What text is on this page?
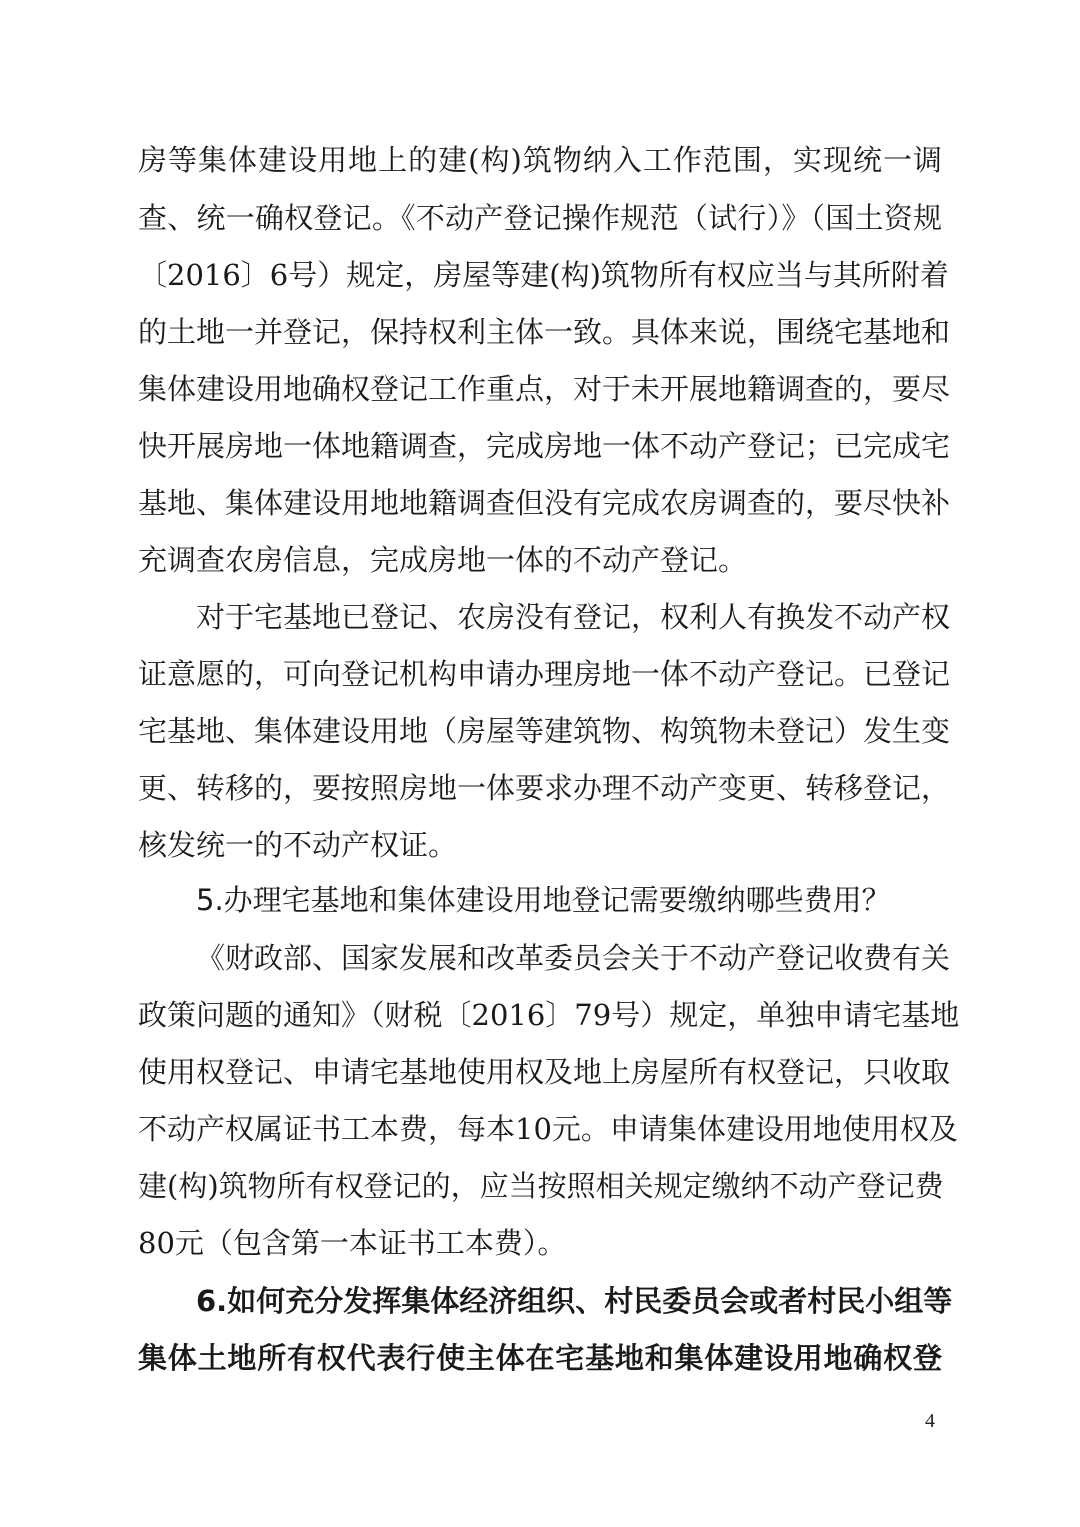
房等集体建设用地上的建(构)筑物纳入工作范围，实现统一调
查、统一确权登记。《不动产登记操作规范（试行）》（国土资规
〔2016〕6号）规定，房屋等建(构)筑物所有权应当与其所附着
的土地一并登记，保持权利主体一致。具体来说，围绕宅基地和
集体建设用地确权登记工作重点，对于未开展地籍调查的，要尽
快开展房地一体地籍调查，完成房地一体不动产登记；已完成宅
基地、集体建设用地地籍调查但没有完成农房调查的，要尽快补
充调查农房信息，完成房地一体的不动产登记。
对于宅基地已登记、农房没有登记，权利人有换发不动产权
证意愿的，可向登记机构申请办理房地一体不动产登记。已登记
宅基地、集体建设用地（房屋等建筑物、构筑物未登记）发生变
更、转移的，要按照房地一体要求办理不动产变更、转移登记，
核发统一的不动产权证。
5.办理宅基地和集体建设用地登记需要缴纳哪些费用？
《财政部、国家发展和改革委员会关于不动产登记收费有关
政策问题的通知》（财税〔2016〕79号）规定，单独申请宅基地
使用权登记、申请宅基地使用权及地上房屋所有权登记，只收取
不动产权属证书工本费，每本10元。申请集体建设用地使用权及
建(构)筑物所有权登记的，应当按照相关规定缴纳不动产登记费
80元（包含第一本证书工本费）。
6.如何充分发挥集体经济组织、村民委员会或者村民小组等
集体土地所有权代表行使主体在宅基地和集体建设用地确权登
4
